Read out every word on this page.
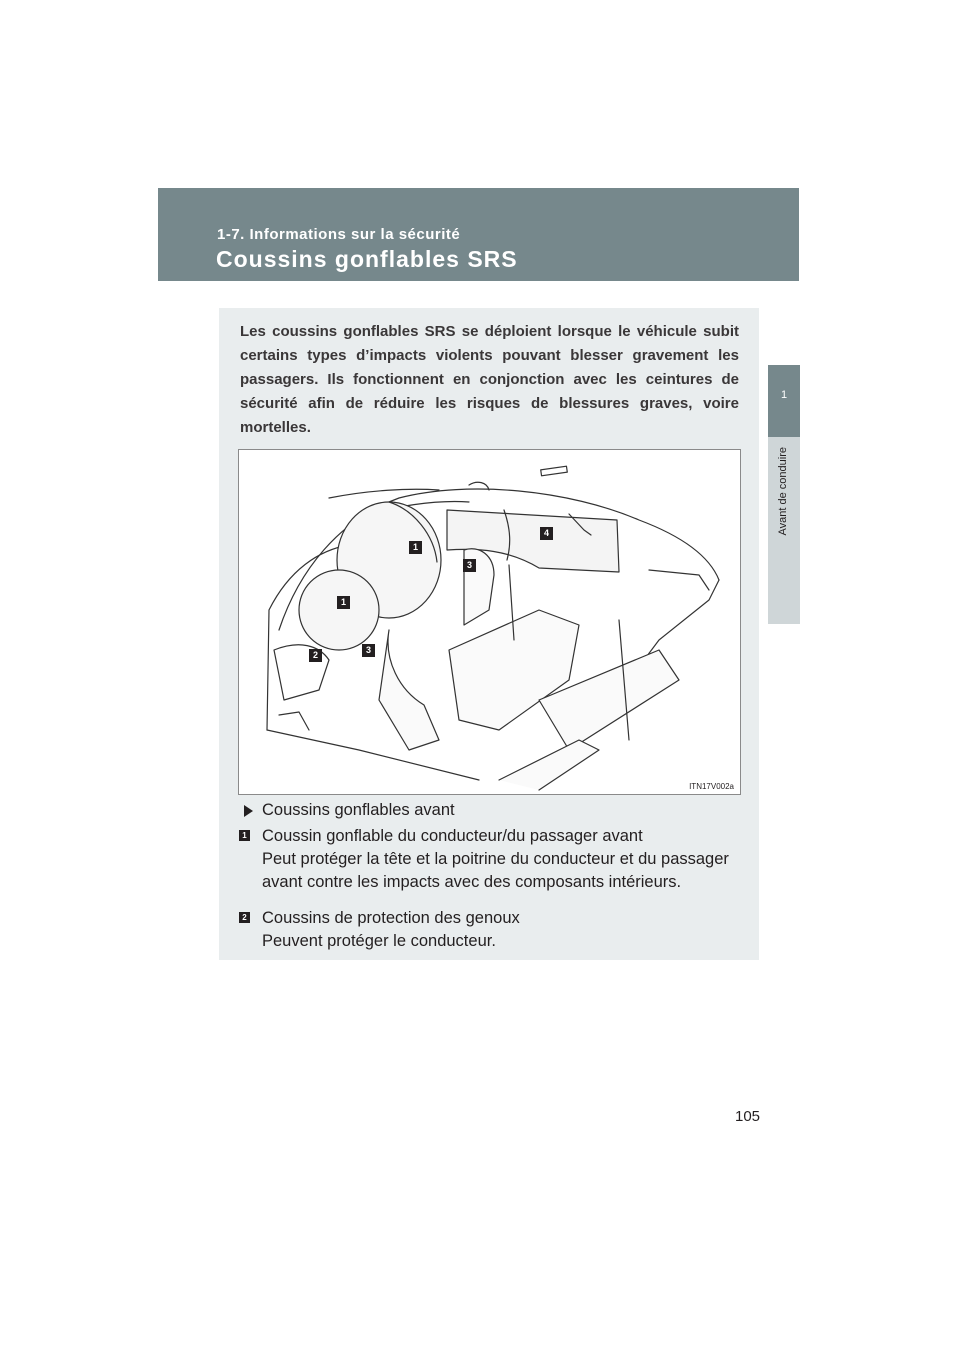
1-7. Informations sur la sécurité
Coussins gonflables SRS
1
Avant de conduire
Les coussins gonflables SRS se déploient lorsque le véhicule subit certains types d’impacts violents pouvant blesser gravement les passagers. Ils fonctionnent en conjonction avec les ceintures de sécurité afin de réduire les risques de blessures graves, voire mortelles.
1
1
2
3
3
4
ITN17V002a
Coussins gonflables avant
1 Coussin gonflable du conducteur/du passager avant
Peut protéger la tête et la poitrine du conducteur et du passager avant contre les impacts avec des composants intérieurs.
2 Coussins de protection des genoux
Peuvent protéger le conducteur.
105
